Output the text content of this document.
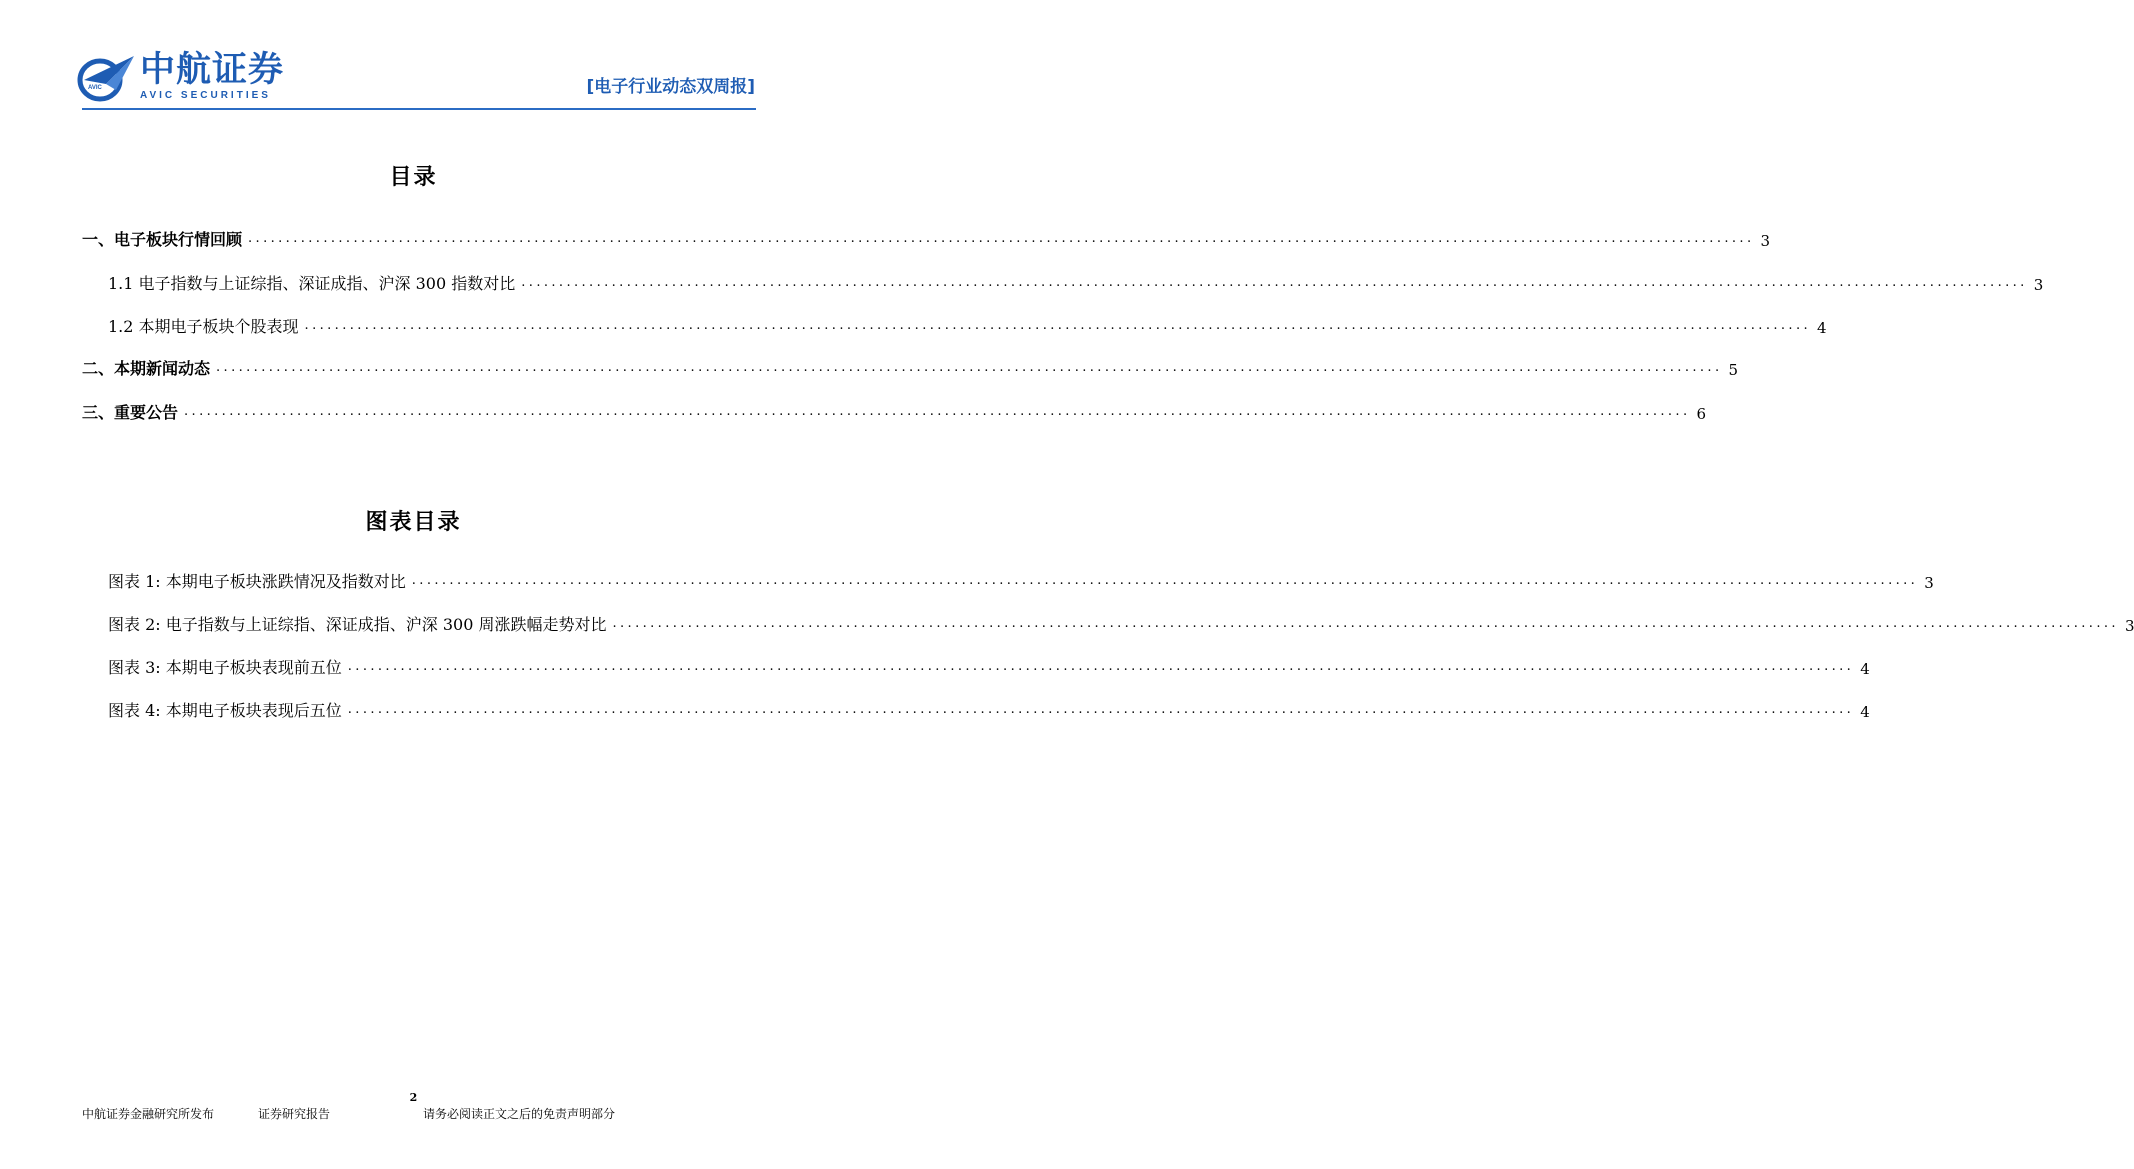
AVIC 中航证券
AVIC SECURITIES	[电子行业动态双周报]
目录
一、电子板块行情回顾 ........................................................................................................................................................................................................ 3
1.1 电子指数与上证综指、深证成指、沪深 300 指数对比 ........................................................................................................................................................................................................ 3
1.2 本期电子板块个股表现 ........................................................................................................................................................................................................ 4
二、本期新闻动态 ........................................................................................................................................................................................................ 5
三、重要公告 ........................................................................................................................................................................................................ 6
图表目录
图表 1: 本期电子板块涨跌情况及指数对比 ........................................................................................................................................................................................................ 3
图表 2: 电子指数与上证综指、深证成指、沪深 300 周涨跌幅走势对比 ........................................................................................................................................................................................................ 3
图表 3: 本期电子板块表现前五位 ........................................................................................................................................................................................................ 4
图表 4: 本期电子板块表现后五位 ........................................................................................................................................................................................................ 4
2
中航证券金融研究所发布	证券研究报告	请务必阅读正文之后的免责声明部分
